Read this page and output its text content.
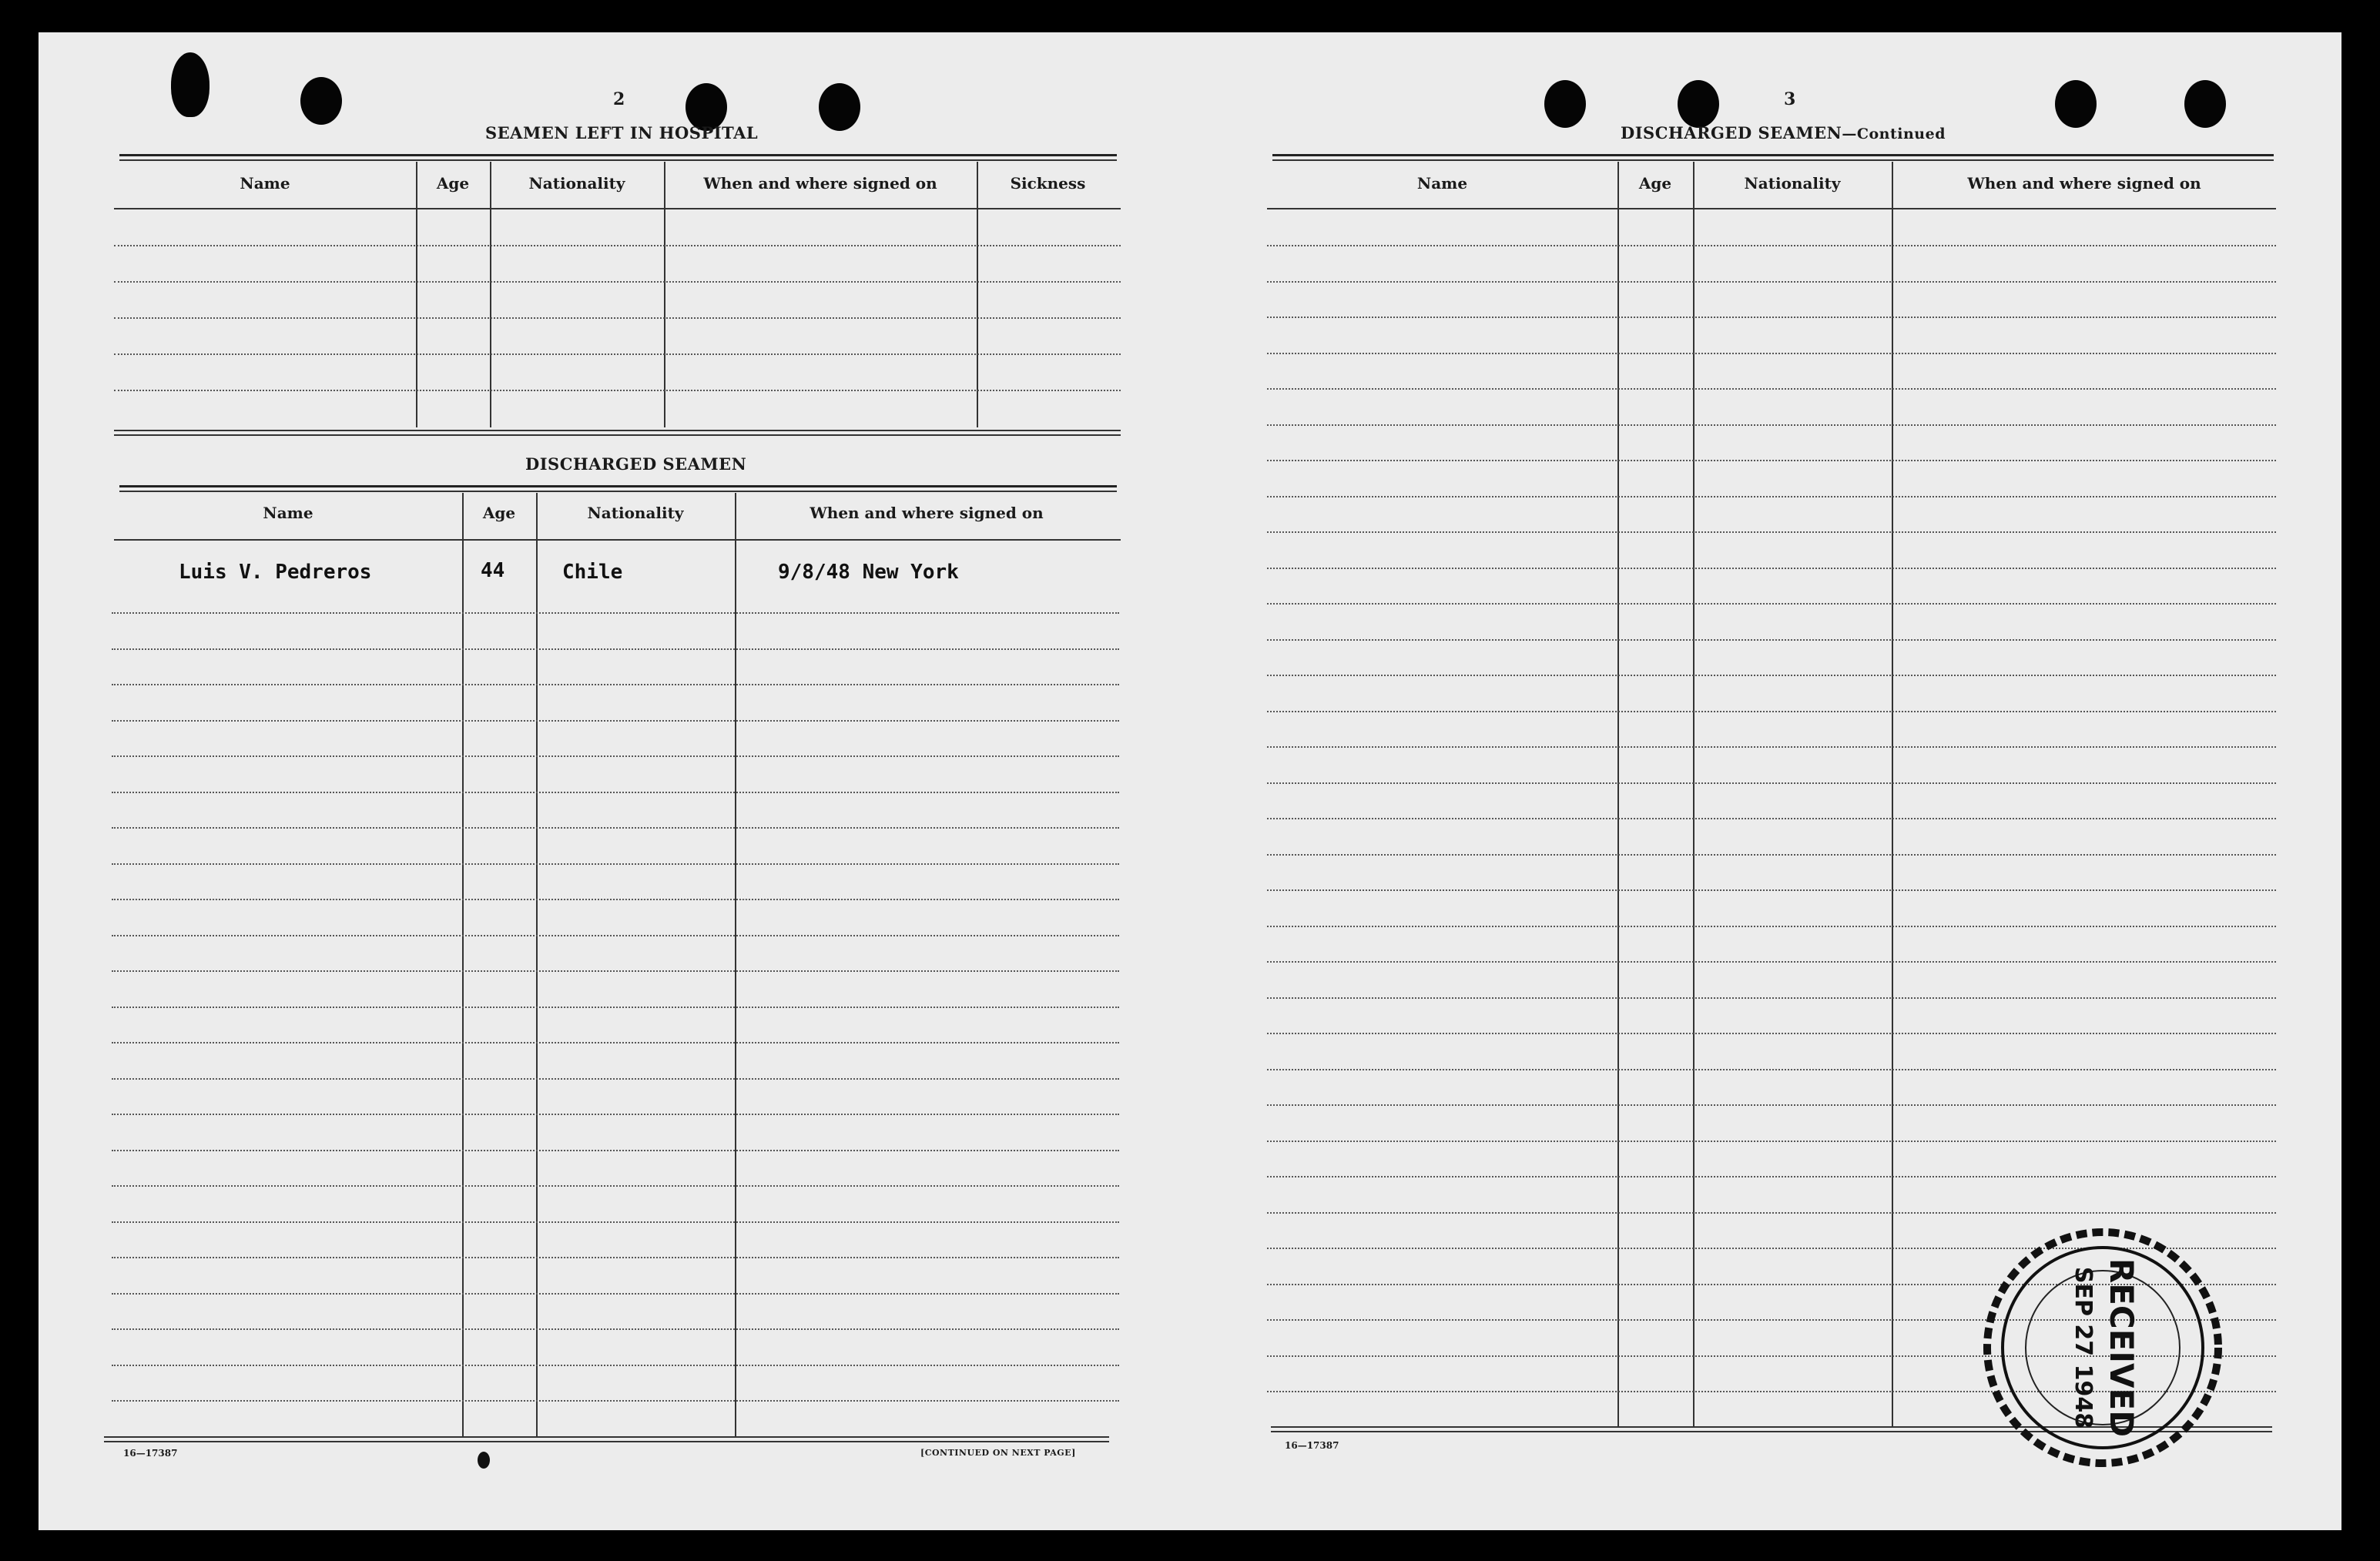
2
SEAMEN LEFT IN HOSPITAL
Name	Age	Nationality	When and where signed on	Sickness
DISCHARGED SEAMEN
Name	Age	Nationality	When and where signed on
Luis V. Pedreros	44	Chile	9/8/48 New York
16—17387	[CONTINUED ON NEXT PAGE]
3
DISCHARGED SEAMEN—Continued
Name	Age	Nationality	When and where signed on
16—17387
RECEIVED
SEP 27 1948
